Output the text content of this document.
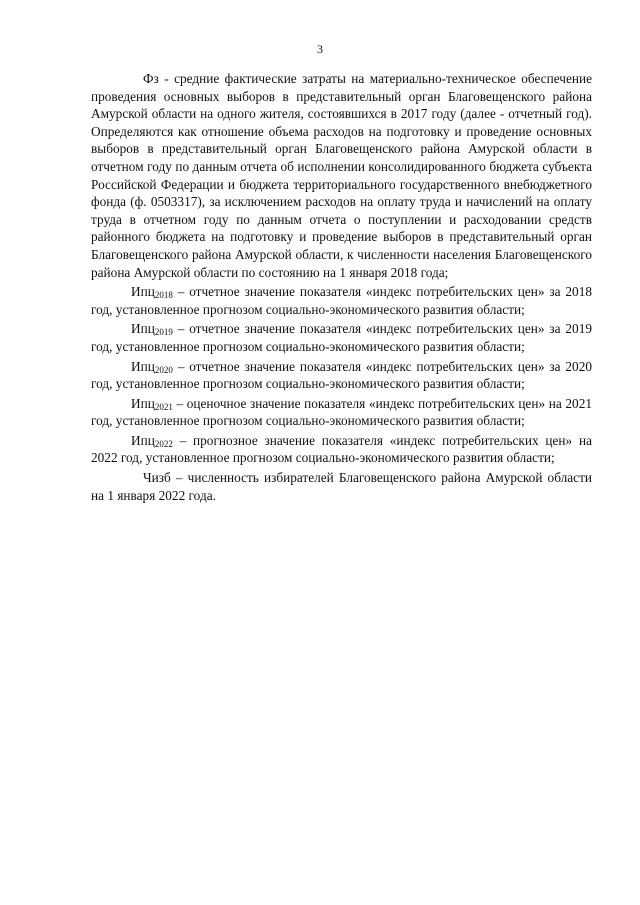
3

Фз - средние фактические затраты на материально-техническое обеспечение проведения основных выборов в представительный орган Благовещенского района Амурской области на одного жителя, состоявшихся в 2017 году (далее - отчетный год). Определяются как отношение объема расходов на подготовку и проведение основных выборов в представительный орган Благовещенского района Амурской области в отчетном году по данным отчета об исполнении консолидированного бюджета субъекта Российской Федерации и бюджета территориального государственного внебюджетного фонда (ф. 0503317), за исключением расходов на оплату труда и начислений на оплату труда в отчетном году по данным отчета о поступлении и расходовании средств районного бюджета на подготовку и проведение выборов в представительный орган Благовещенского района Амурской области, к численности населения Благовещенского района Амурской области по состоянию на 1 января 2018 года;

Ипц$_{2018}$ – отчетное значение показателя «индекс потребительских цен» за 2018 год, установленное прогнозом социально-экономического развития области;

Ипц$_{2019}$ – отчетное значение показателя «индекс потребительских цен» за 2019 год, установленное прогнозом социально-экономического развития области;

Ипц$_{2020}$ – отчетное значение показателя «индекс потребительских цен» за 2020 год, установленное прогнозом социально-экономического развития области;

Ипц$_{2021}$ – оценочное значение показателя «индекс потребительских цен» на 2021 год, установленное прогнозом социально-экономического развития области;

Ипц$_{2022}$ – прогнозное значение показателя «индекс потребительских цен» на 2022 год, установленное прогнозом социально-экономического развития области;

Чизб – численность избирателей Благовещенского района Амурской области на 1 января 2022 года.
